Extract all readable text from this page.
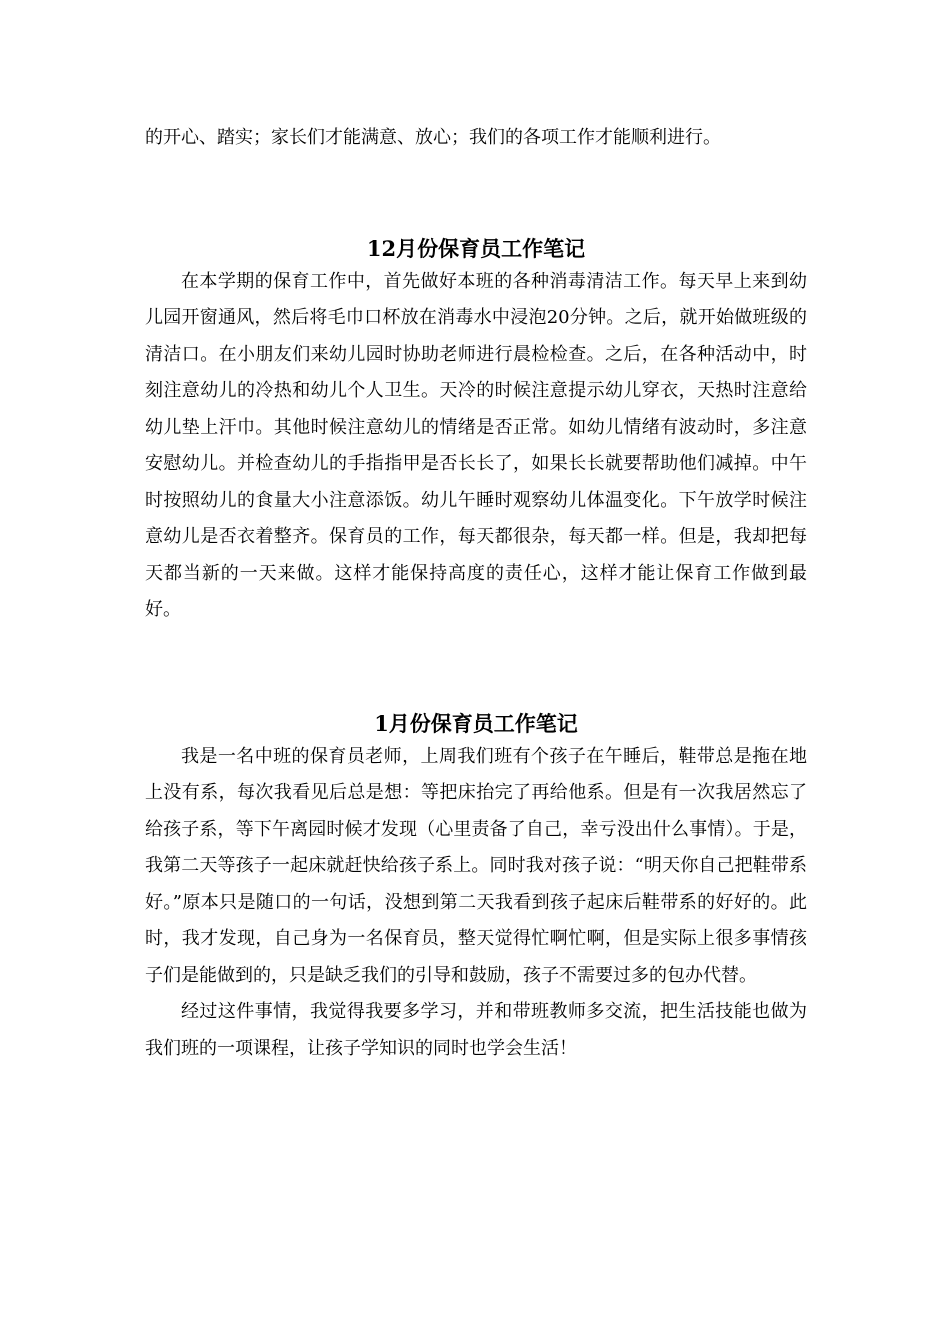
的开心、踏实；家长们才能满意、放心；我们的各项工作才能顺利进行。

12月份保育员工作笔记

在本学期的保育工作中，首先做好本班的各种消毒清洁工作。每天早上来到幼儿园开窗通风，然后将毛巾口杯放在消毒水中浸泡20分钟。之后，就开始做班级的清洁口。在小朋友们来幼儿园时协助老师进行晨检检查。之后，在各种活动中，时刻注意幼儿的冷热和幼儿个人卫生。天冷的时候注意提示幼儿穿衣，天热时注意给幼儿垫上汗巾。其他时候注意幼儿的情绪是否正常。如幼儿情绪有波动时，多注意安慰幼儿。并检查幼儿的手指指甲是否长长了，如果长长就要帮助他们减掉。中午时按照幼儿的食量大小注意添饭。幼儿午睡时观察幼儿体温变化。下午放学时候注意幼儿是否衣着整齐。保育员的工作，每天都很杂，每天都一样。但是，我却把每天都当新的一天来做。这样才能保持高度的责任心，这样才能让保育工作做到最好。

1月份保育员工作笔记

我是一名中班的保育员老师，上周我们班有个孩子在午睡后，鞋带总是拖在地上没有系，每次我看见后总是想：等把床抬完了再给他系。但是有一次我居然忘了给孩子系，等下午离园时候才发现（心里责备了自己，幸亏没出什么事情）。于是，我第二天等孩子一起床就赶快给孩子系上。同时我对孩子说：“明天你自己把鞋带系好。”原本只是随口的一句话，没想到第二天我看到孩子起床后鞋带系的好好的。此时，我才发现，自己身为一名保育员，整天觉得忙啊忙啊，但是实际上很多事情孩子们是能做到的，只是缺乏我们的引导和鼓励，孩子不需要过多的包办代替。

经过这件事情，我觉得我要多学习，并和带班教师多交流，把生活技能也做为我们班的一项课程，让孩子学知识的同时也学会生活！
